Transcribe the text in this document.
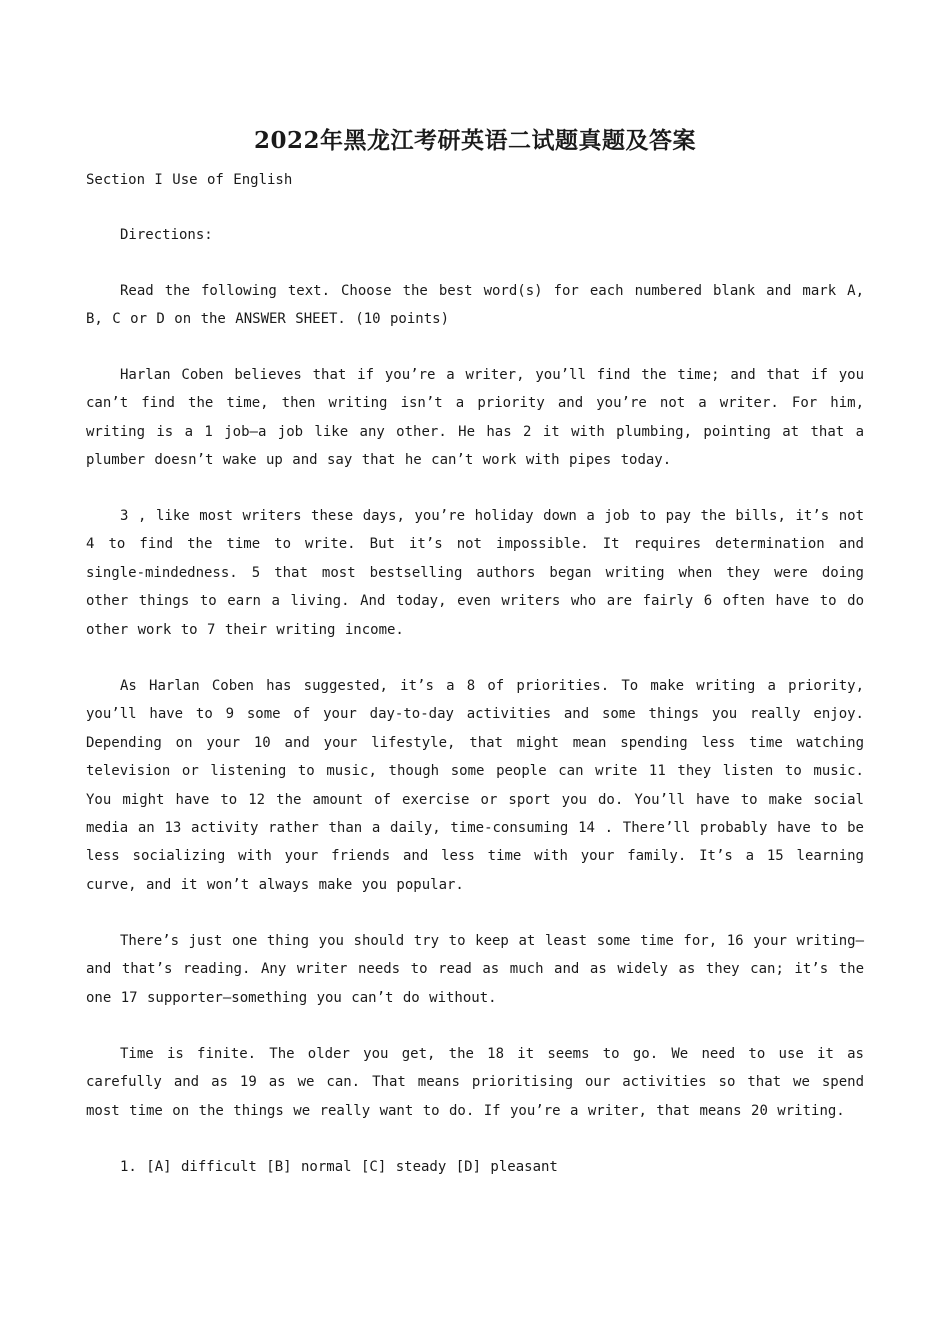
2022年黑龙江考研英语二试题真题及答案

Section I Use of English

Directions:

Read the following text. Choose the best word(s) for each numbered blank and mark A, B, C or D on the ANSWER SHEET. (10 points)

Harlan Coben believes that if you’re a writer, you’ll find the time; and that if you can’t find the time, then writing isn’t a priority and you’re not a writer. For him, writing is a 1 job–a job like any other. He has 2 it with plumbing, pointing at that a plumber doesn’t wake up and say that he can’t work with pipes today.

3 , like most writers these days, you’re holiday down a job to pay the bills, it’s not 4 to find the time to write. But it’s not impossible. It requires determination and single-mindedness. 5 that most bestselling authors began writing when they were doing other things to earn a living. And today, even writers who are fairly 6 often have to do other work to 7 their writing income.

As Harlan Coben has suggested, it’s a 8 of priorities. To make writing a priority, you’ll have to 9 some of your day-to-day activities and some things you really enjoy. Depending on your 10 and your lifestyle, that might mean spending less time watching television or listening to music, though some people can write 11 they listen to music. You might have to 12 the amount of exercise or sport you do. You’ll have to make social media an 13 activity rather than a daily, time-consuming 14 . There’ll probably have to be less socializing with your friends and less time with your family. It’s a 15 learning curve, and it won’t always make you popular.

There’s just one thing you should try to keep at least some time for, 16 your writing–and that’s reading. Any writer needs to read as much and as widely as they can; it’s the one 17 supporter–something you can’t do without.

Time is finite. The older you get, the 18 it seems to go. We need to use it as carefully and as 19 as we can. That means prioritising our activities so that we spend most time on the things we really want to do. If you’re a writer, that means 20 writing.

1. [A] difficult [B] normal [C] steady [D] pleasant
